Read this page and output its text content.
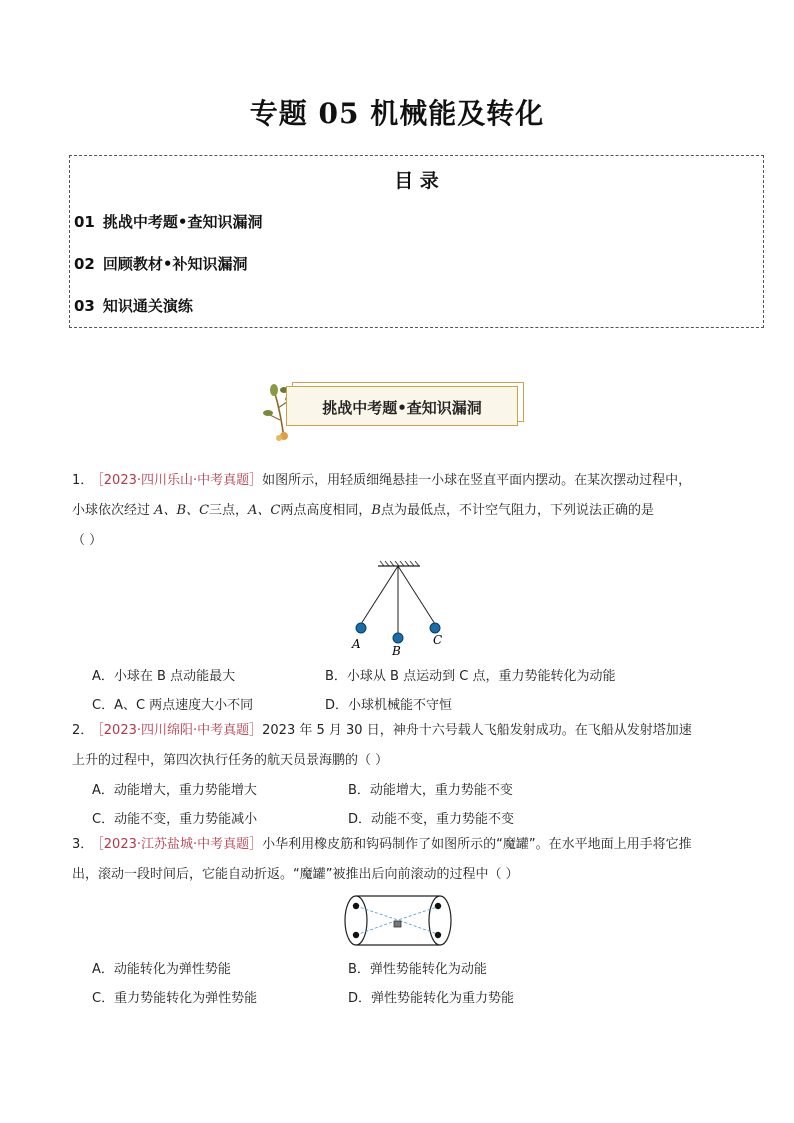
专题 05 机械能及转化
目 录
01 挑战中考题•查知识漏洞
02 回顾教材•补知识漏洞
03 知识通关演练
挑战中考题•查知识漏洞
1． ［2023·四川乐山·中考真题］如图所示，用轻质细绳悬挂一小球在竖直平面内摆动。在某次摆动过程中，
小球依次经过 A、B、C三点，A、C两点高度相同，B点为最低点，不计空气阻力，下列说法正确的是
（ ）
A	B
C
A．小球在 B 点动能最大	B．小球从 B 点运动到 C 点，重力势能转化为动能
C．A、C 两点速度大小不同	D．小球机械能不守恒
2． ［2023·四川绵阳·中考真题］2023 年 5 月 30 日，神舟十六号载人飞船发射成功。在飞船从发射塔加速
上升的过程中，第四次执行任务的航天员景海鹏的（ ）
A．动能增大，重力势能增大	B．动能增大，重力势能不变
C．动能不变，重力势能减小	D．动能不变，重力势能不变
3． ［2023·江苏盐城·中考真题］小华利用橡皮筋和钩码制作了如图所示的“魔罐”。在水平地面上用手将它推
出，滚动一段时间后，它能自动折返。“魔罐”被推出后向前滚动的过程中（ ）
A．动能转化为弹性势能	B．弹性势能转化为动能
C．重力势能转化为弹性势能	D．弹性势能转化为重力势能
